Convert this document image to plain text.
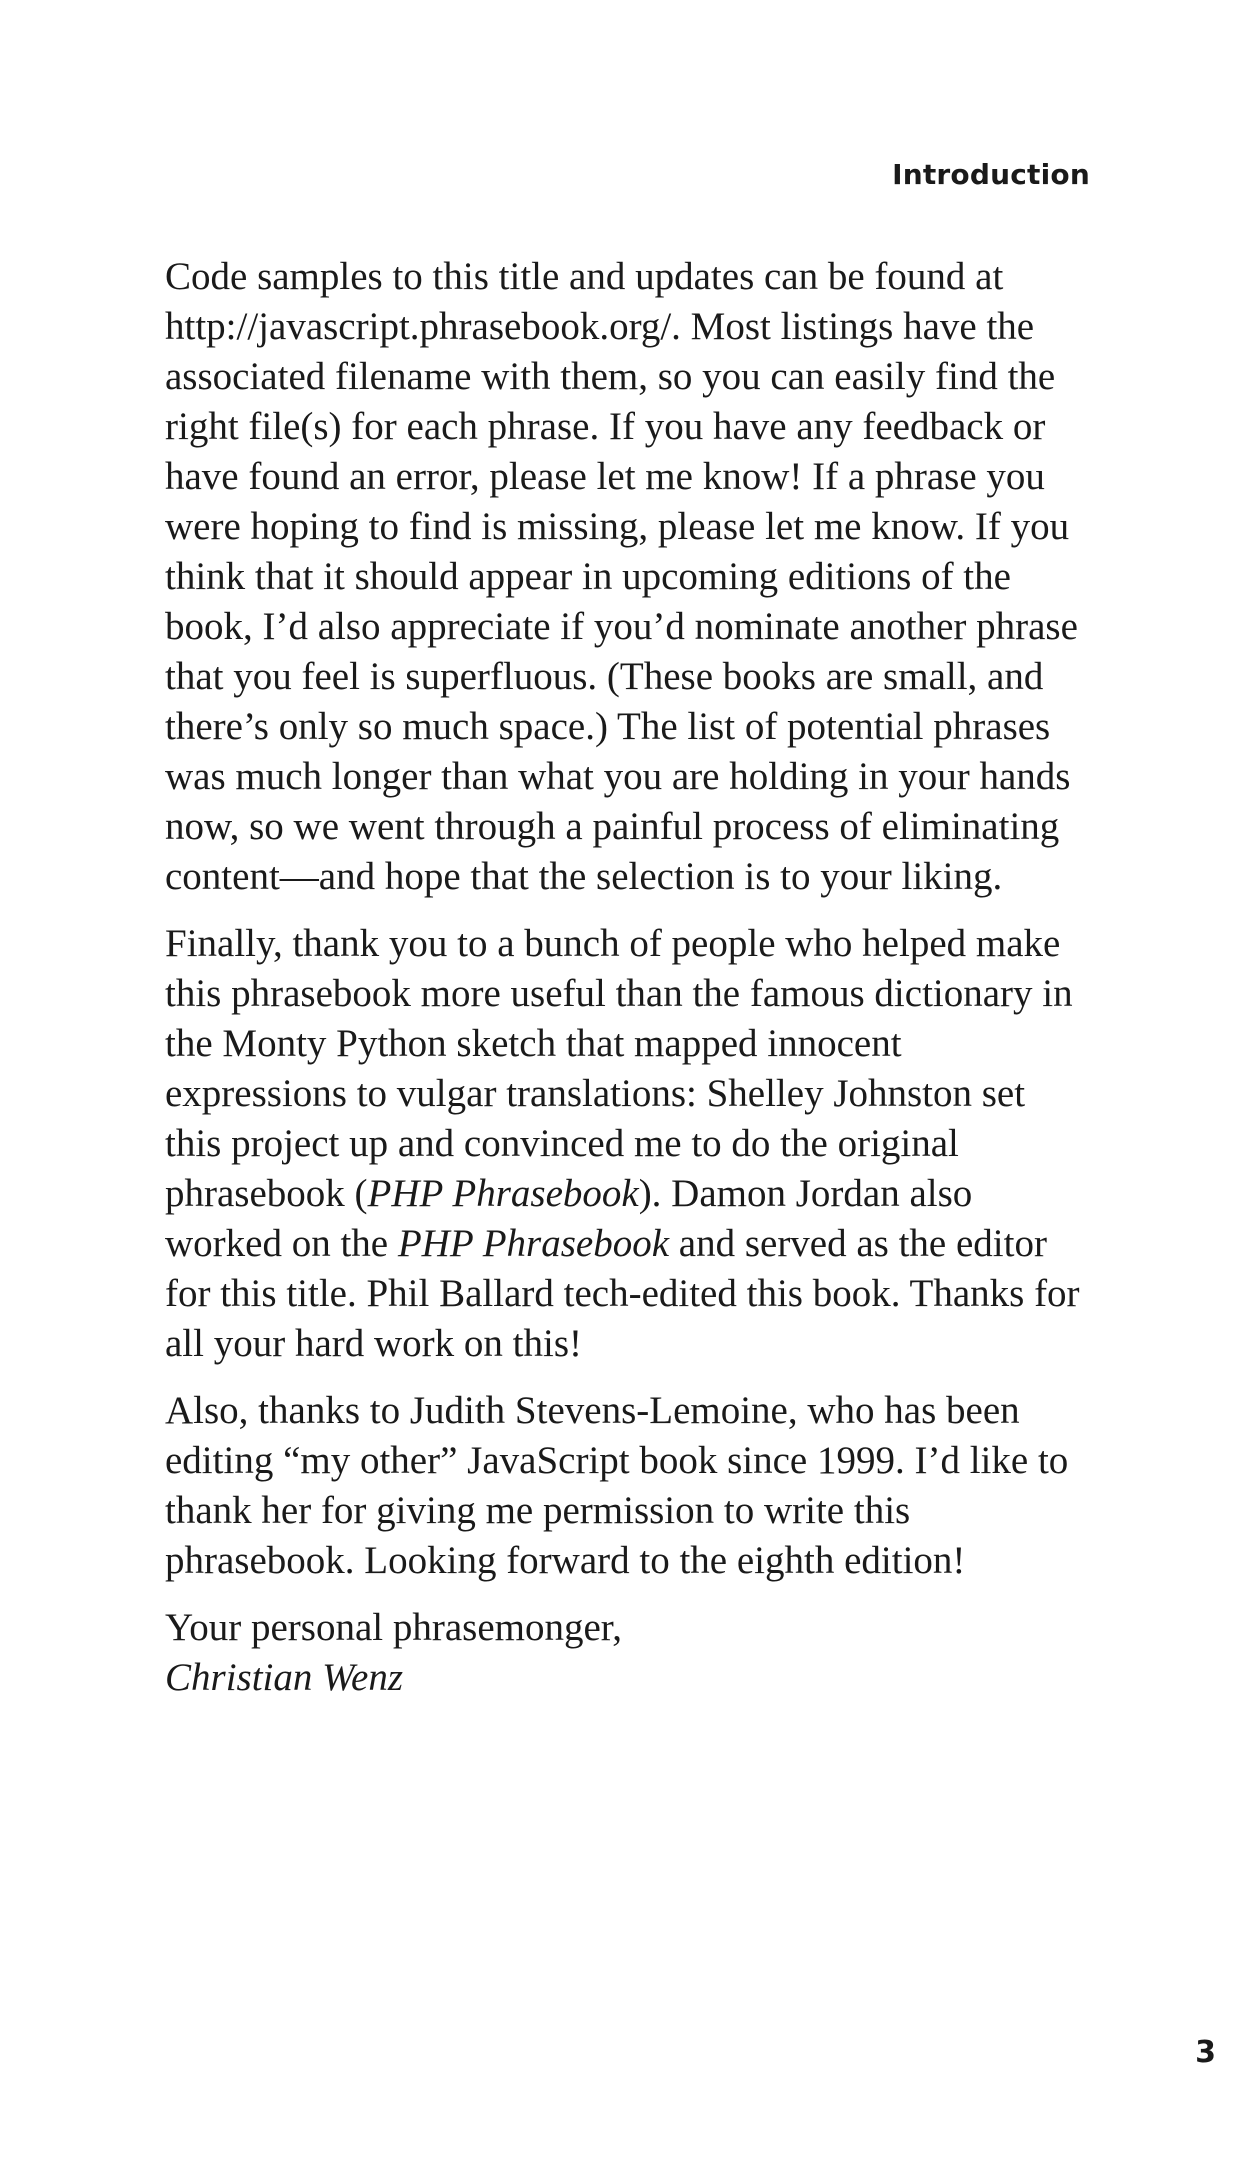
Introduction

Code samples to this title and updates can be found at http://javascript.phrasebook.org/. Most listings have the associated filename with them, so you can easily find the right file(s) for each phrase. If you have any feedback or have found an error, please let me know! If a phrase you were hoping to find is missing, please let me know. If you think that it should appear in upcoming editions of the book, I’d also appreciate if you’d nominate another phrase that you feel is superfluous. (These books are small, and there’s only so much space.) The list of potential phrases was much longer than what you are holding in your hands now, so we went through a painful process of eliminating content—and hope that the selection is to your liking.

Finally, thank you to a bunch of people who helped make this phrasebook more useful than the famous dictionary in the Monty Python sketch that mapped innocent expressions to vulgar translations: Shelley Johnston set this project up and convinced me to do the original phrasebook (PHP Phrasebook). Damon Jordan also worked on the PHP Phrasebook and served as the editor for this title. Phil Ballard tech-edited this book. Thanks for all your hard work on this!

Also, thanks to Judith Stevens-Lemoine, who has been editing “my other” JavaScript book since 1999. I’d like to thank her for giving me permission to write this phrasebook. Looking forward to the eighth edition!

Your personal phrasemonger,
Christian Wenz

3
